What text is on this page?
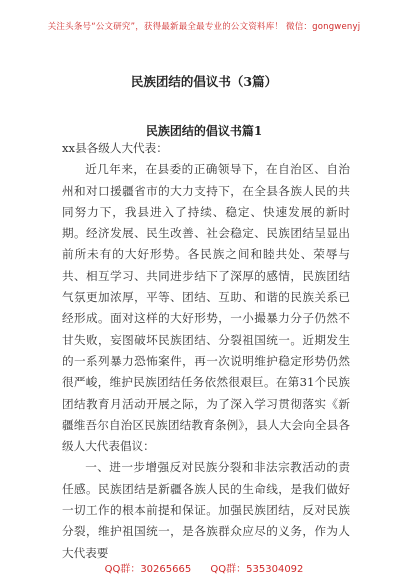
关注头条号“公文研究”，获得最新最全最专业的公文资料库！ 微信：gongwenyj
民族团结的倡议书（3篇）
民族团结的倡议书篇1

xx县各级人大代表：

近几年来，在县委的正确领导下，在自治区、自治州和对口援疆省市的大力支持下，在全县各族人民的共同努力下，我县进入了持续、稳定、快速发展的新时期。经济发展、民生改善、社会稳定、民族团结呈显出前所未有的大好形势。各民族之间和睦共处、荣辱与共、相互学习、共同进步结下了深厚的感情，民族团结气氛更加浓厚，平等、团结、互助、和谐的民族关系已经形成。面对这样的大好形势，一小撮暴力分子仍然不甘失败，妄图破坏民族团结、分裂祖国统一。近期发生的一系列暴力恐怖案件，再一次说明维护稳定形势仍然很严峻，维护民族团结任务依然很艰巨。在第31个民族团结教育月活动开展之际，为了深入学习贯彻落实《新疆维吾尔自治区民族团结教育条例》，县人大会向全县各级人大代表倡议：

一、进一步增强反对民族分裂和非法宗教活动的责任感。民族团结是新疆各族人民的生命线，是我们做好一切工作的根本前提和保证。加强民族团结，反对民族分裂，维护祖国统一，是各族群众应尽的义务，作为人大代表要

QQ群：30265665 QQ群：535304092
